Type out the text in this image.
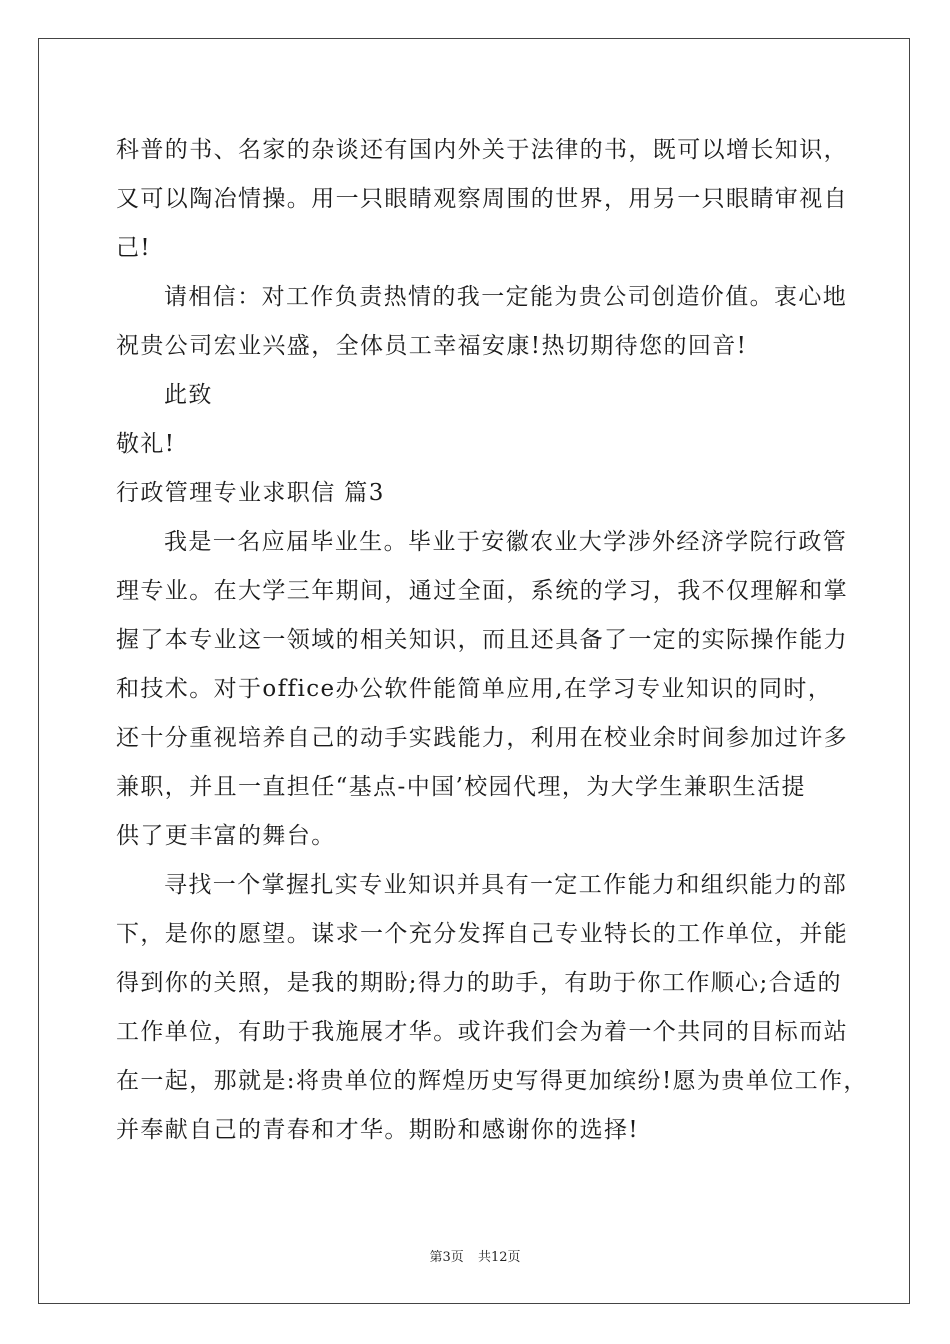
科普的书、名家的杂谈还有国内外关于法律的书，既可以增长知识，
又可以陶冶情操。用一只眼睛观察周围的世界，用另一只眼睛审视自
己!
请相信：对工作负责热情的我一定能为贵公司创造价值。衷心地
祝贵公司宏业兴盛，全体员工幸福安康!热切期待您的回音!
此致
敬礼!
行政管理专业求职信 篇3
我是一名应届毕业生。毕业于安徽农业大学涉外经济学院行政管
理专业。在大学三年期间，通过全面，系统的学习，我不仅理解和掌
握了本专业这一领域的相关知识，而且还具备了一定的实际操作能力
和技术。对于office办公软件能简单应用,在学习专业知识的同时，
还十分重视培养自己的动手实践能力，利用在校业余时间参加过许多
兼职，并且一直担任“基点-中国’校园代理，为大学生兼职生活提
供了更丰富的舞台。
寻找一个掌握扎实专业知识并具有一定工作能力和组织能力的部
下，是你的愿望。谋求一个充分发挥自己专业特长的工作单位，并能
得到你的关照，是我的期盼;得力的助手，有助于你工作顺心;合适的
工作单位，有助于我施展才华。或许我们会为着一个共同的目标而站
在一起，那就是:将贵单位的辉煌历史写得更加缤纷!愿为贵单位工作，
并奉献自己的青春和才华。期盼和感谢你的选择!
第3页 共12页
